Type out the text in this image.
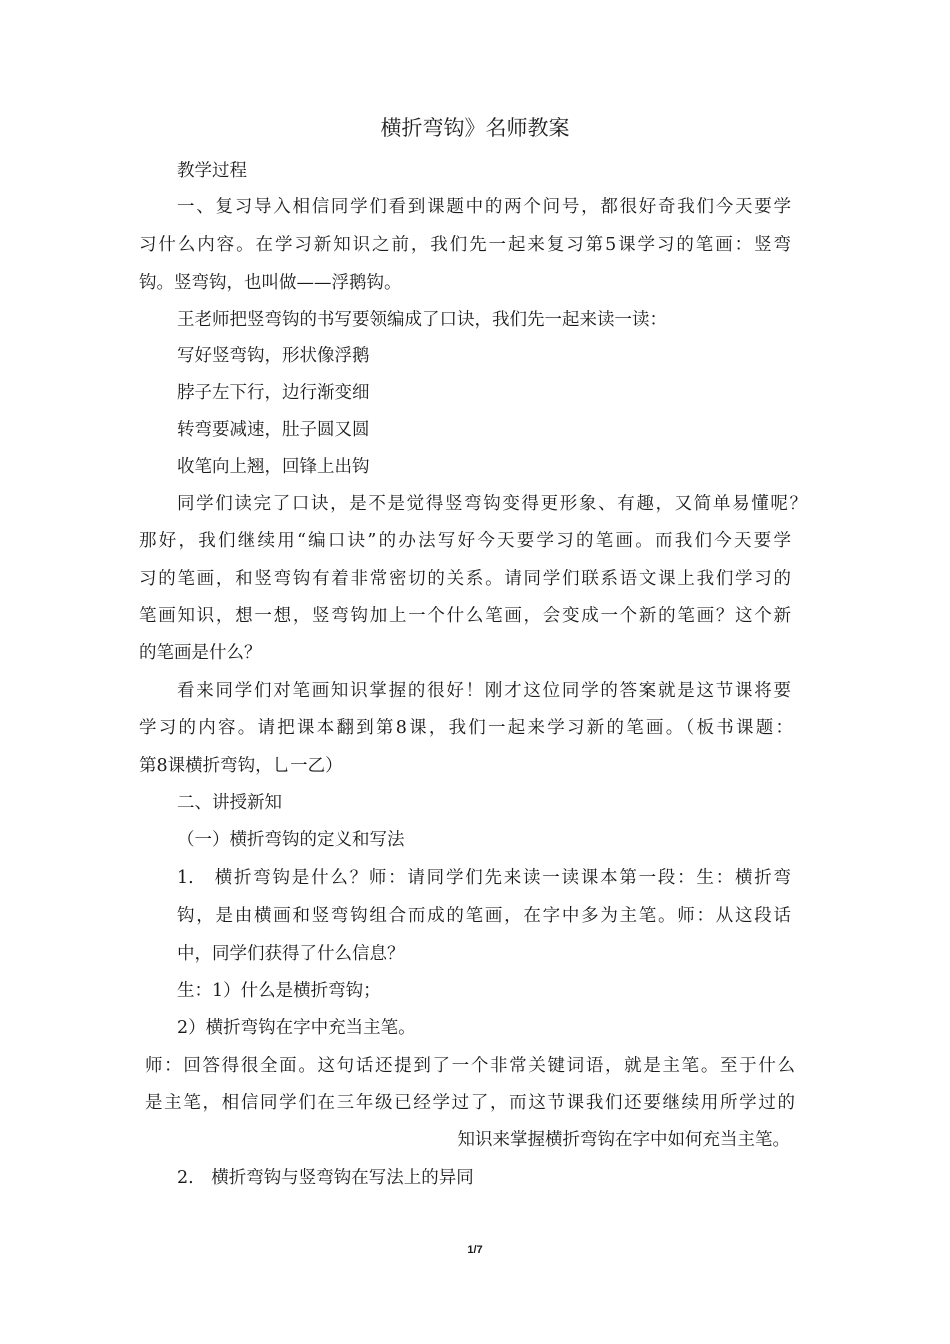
横折弯钩》名师教案
教学过程
一、复习导入相信同学们看到课题中的两个问号，都很好奇我们今天要学
习什么内容。在学习新知识之前，我们先一起来复习第5课学习的笔画：竖弯
钩。竖弯钩，也叫做——浮鹅钩。
王老师把竖弯钩的书写要领编成了口诀，我们先一起来读一读：
写好竖弯钩，形状像浮鹅
脖子左下行，边行渐变细
转弯要减速，肚子圆又圆
收笔向上翘，回锋上出钩
同学们读完了口诀，是不是觉得竖弯钩变得更形象、有趣，又简单易懂呢？
那好，我们继续用“编口诀”的办法写好今天要学习的笔画。而我们今天要学
习的笔画，和竖弯钩有着非常密切的关系。请同学们联系语文课上我们学习的
笔画知识，想一想，竖弯钩加上一个什么笔画，会变成一个新的笔画？这个新
的笔画是什么？
看来同学们对笔画知识掌握的很好！刚才这位同学的答案就是这节课将要
学习的内容。请把课本翻到第8课，我们一起来学习新的笔画。（板书课题：
第8课横折弯钩，乚一乙）
二、讲授新知
（一）横折弯钩的定义和写法
1.　横折弯钩是什么？师：请同学们先来读一读课本第一段：生：横折弯
钩，是由横画和竖弯钩组合而成的笔画，在字中多为主笔。师：从这段话
中，同学们获得了什么信息？
生：1）什么是横折弯钩；
2）横折弯钩在字中充当主笔。
师：回答得很全面。这句话还提到了一个非常关键词语，就是主笔。至于什么
是主笔，相信同学们在三年级已经学过了，而这节课我们还要继续用所学过的
知识来掌握横折弯钩在字中如何充当主笔。
2.　横折弯钩与竖弯钩在写法上的异同
1/7
